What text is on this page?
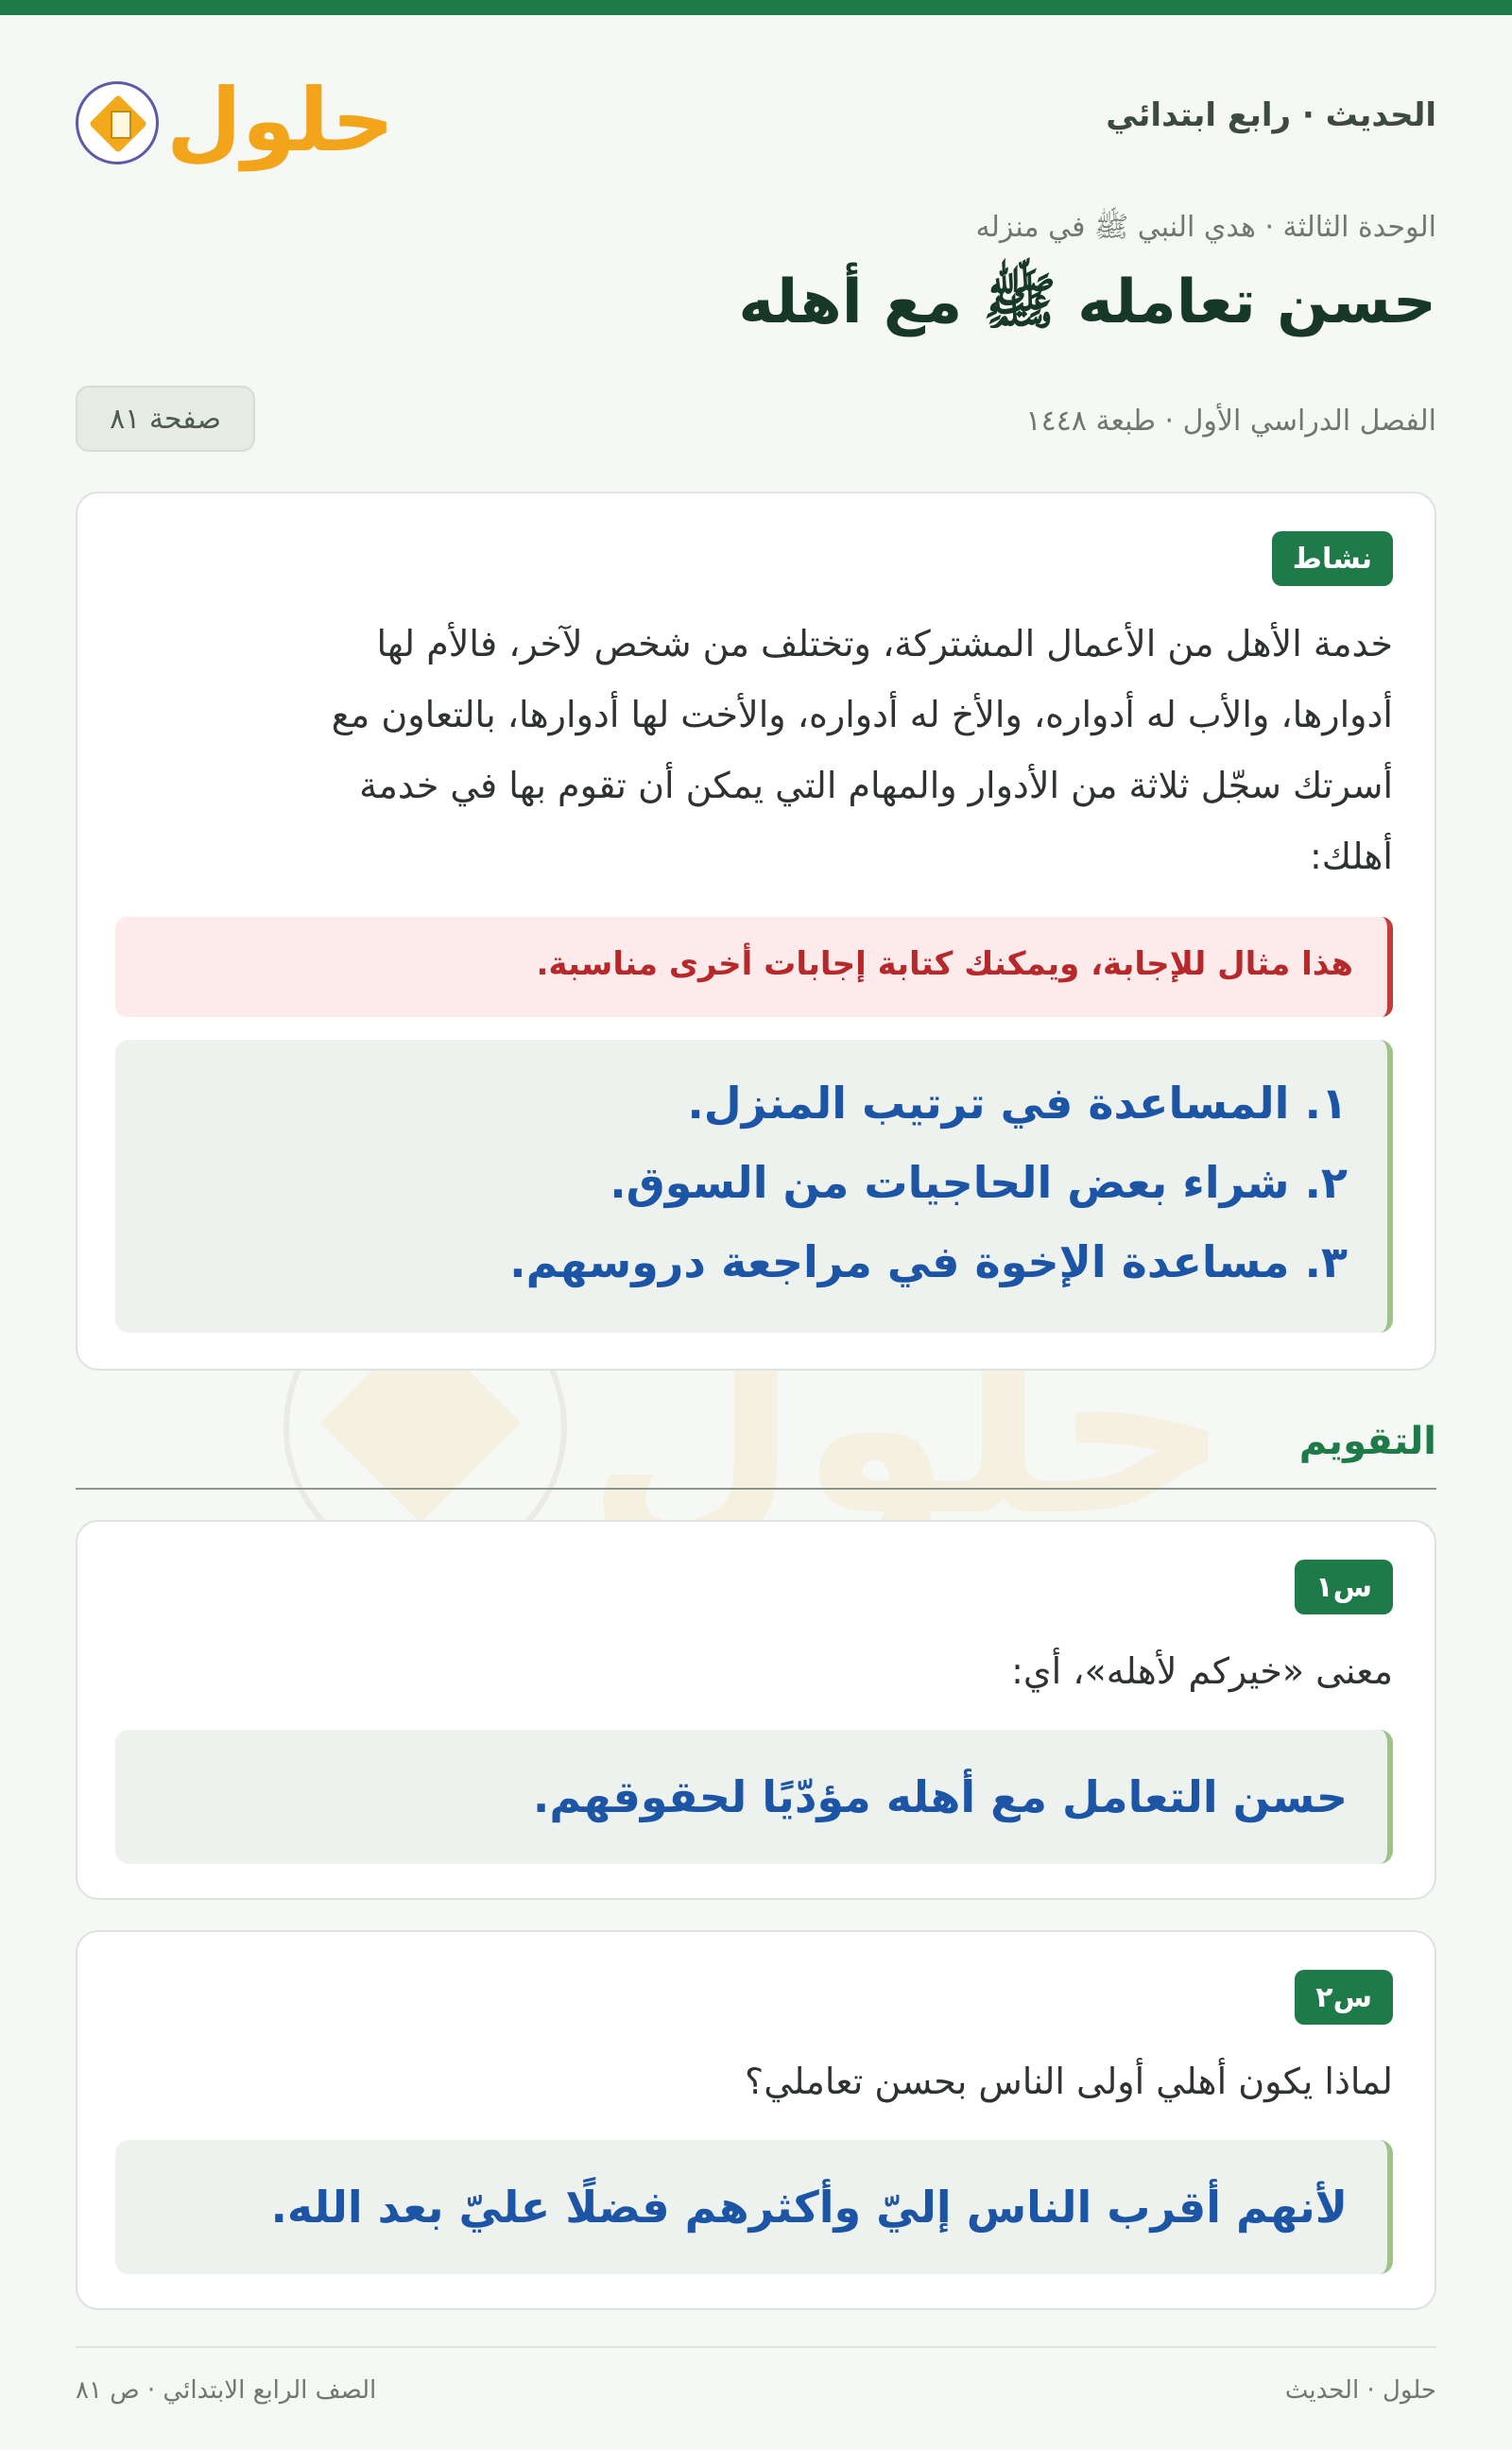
حلول
الحديث · رابع ابتدائي
حلول
الوحدة الثالثة · هدي النبي ﷺ في منزله
حسن تعامله ﷺ مع أهله
الفصل الدراسي الأول · طبعة ١٤٤٨
صفحة ٨١
نشاط
خدمة الأهل من الأعمال المشتركة، وتختلف من شخص لآخر، فالأم لها
أدوارها، والأب له أدواره، والأخ له أدواره، والأخت لها أدوارها، بالتعاون مع
أسرتك سجّل ثلاثة من الأدوار والمهام التي يمكن أن تقوم بها في خدمة
أهلك:
هذا مثال للإجابة، ويمكنك كتابة إجابات أخرى مناسبة.
١. المساعدة في ترتيب المنزل.
٢. شراء بعض الحاجيات من السوق.
٣. مساعدة الإخوة في مراجعة دروسهم.
التقويم
س١
معنى «خيركم لأهله»، أي:
حسن التعامل مع أهله مؤدّيًا لحقوقهم.
س٢
لماذا يكون أهلي أولى الناس بحسن تعاملي؟
لأنهم أقرب الناس إليّ وأكثرهم فضلًا عليّ بعد الله.
حلول · الحديث
الصف الرابع الابتدائي · ص ٨١
